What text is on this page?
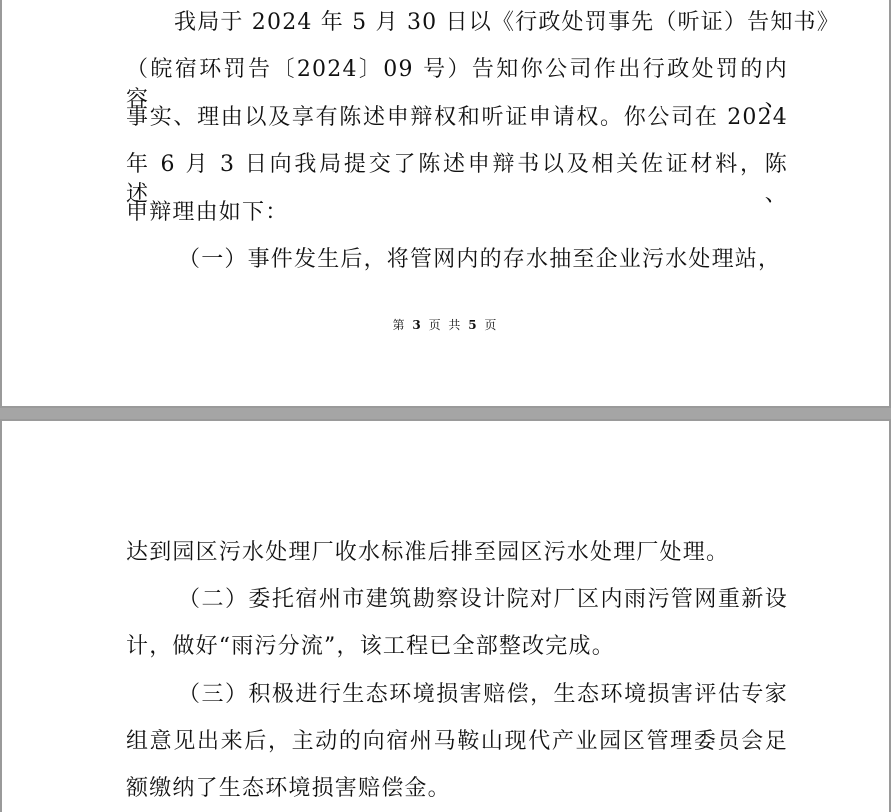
我局于 2024 年 5 月 30 日以《行政处罚事先（听证）告知书》
（皖宿环罚告〔2024〕09 号）告知你公司作出行政处罚的内容、
事实、理由以及享有陈述申辩权和听证申请权。你公司在 2024
年 6 月 3 日向我局提交了陈述申辩书以及相关佐证材料，陈述、
申辩理由如下：
（一）事件发生后，将管网内的存水抽至企业污水处理站，
第 3 页 共 5 页
达到园区污水处理厂收水标准后排至园区污水处理厂处理。
（二）委托宿州市建筑勘察设计院对厂区内雨污管网重新设
计，做好“雨污分流”，该工程已全部整改完成。
（三）积极进行生态环境损害赔偿，生态环境损害评估专家
组意见出来后，主动的向宿州马鞍山现代产业园区管理委员会足
额缴纳了生态环境损害赔偿金。
